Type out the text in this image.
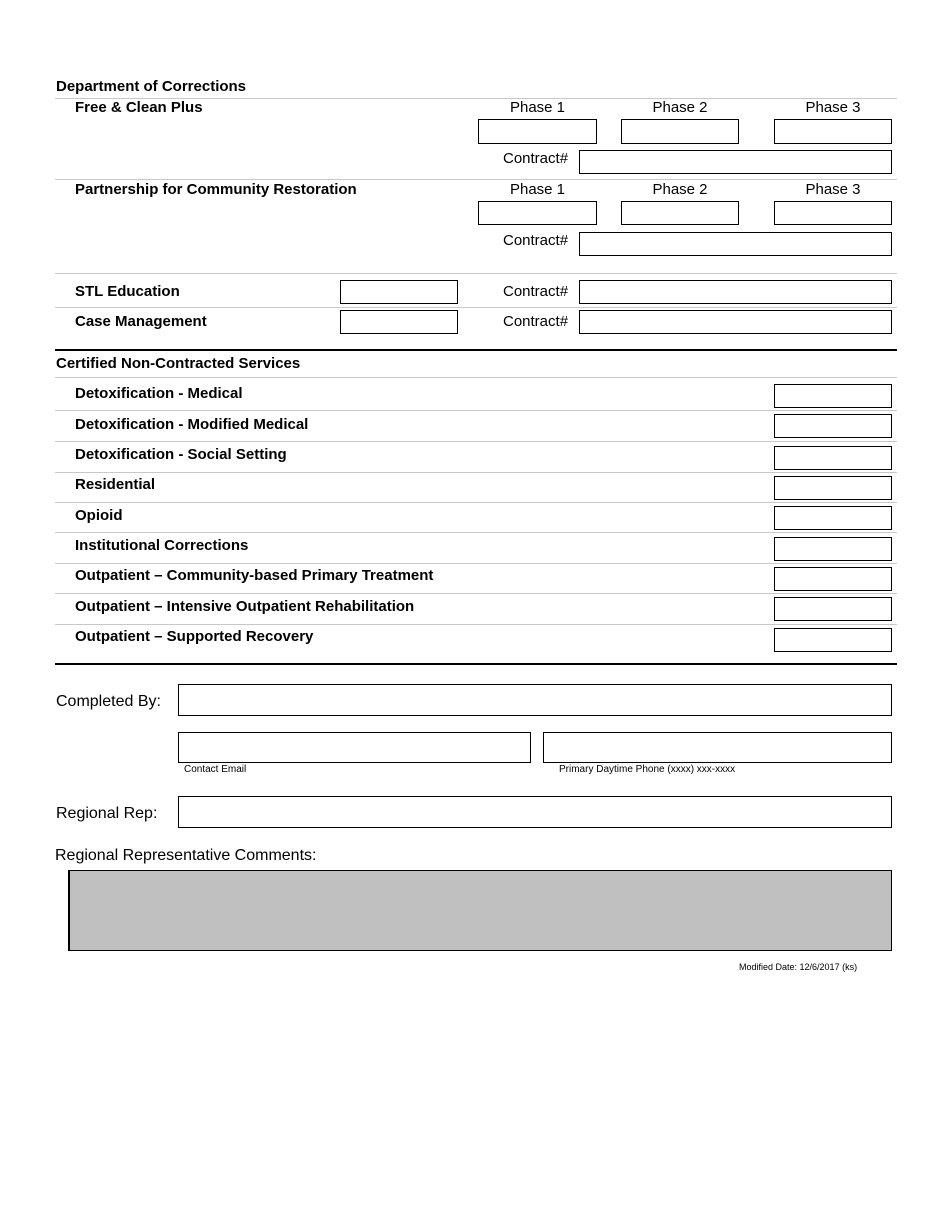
Department of Corrections
Free & Clean Plus	Phase 1	Phase 2	Phase 3
Contract#
Partnership for Community Restoration	Phase 1	Phase 2	Phase 3
Contract#
STL Education	Contract#
Case Management	Contract#
Certified Non-Contracted Services
Detoxification - Medical
Detoxification - Modified Medical
Detoxification - Social Setting
Residential
Opioid
Institutional Corrections
Outpatient – Community-based Primary Treatment
Outpatient – Intensive Outpatient Rehabilitation
Outpatient – Supported Recovery
Completed By:
Contact Email	Primary Daytime Phone (xxxx) xxx-xxxx
Regional Rep:
Regional Representative Comments:
Modified Date: 12/6/2017 (ks)
